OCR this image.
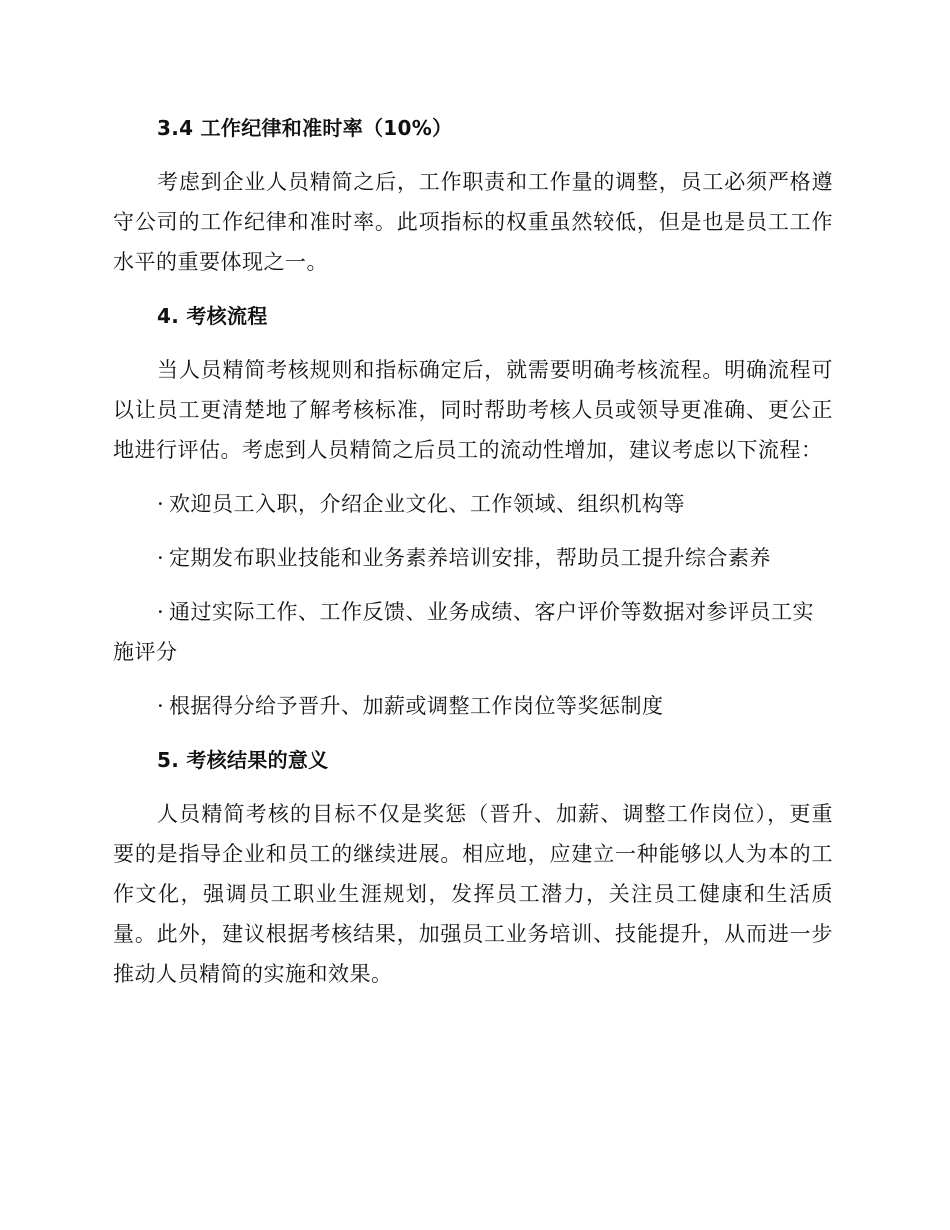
3.4 工作纪律和准时率（10%）

考虑到企业人员精简之后，工作职责和工作量的调整，员工必须严格遵守公司的工作纪律和准时率。此项指标的权重虽然较低，但是也是员工工作水平的重要体现之一。

4. 考核流程

当人员精简考核规则和指标确定后，就需要明确考核流程。明确流程可以让员工更清楚地了解考核标准，同时帮助考核人员或领导更准确、更公正地进行评估。考虑到人员精简之后员工的流动性增加，建议考虑以下流程：

· 欢迎员工入职，介绍企业文化、工作领域、组织机构等

· 定期发布职业技能和业务素养培训安排，帮助员工提升综合素养

· 通过实际工作、工作反馈、业务成绩、客户评价等数据对参评员工实施评分

· 根据得分给予晋升、加薪或调整工作岗位等奖惩制度

5. 考核结果的意义

人员精简考核的目标不仅是奖惩（晋升、加薪、调整工作岗位），更重要的是指导企业和员工的继续进展。相应地，应建立一种能够以人为本的工作文化，强调员工职业生涯规划，发挥员工潜力，关注员工健康和生活质量。此外，建议根据考核结果，加强员工业务培训、技能提升，从而进一步推动人员精简的实施和效果。
